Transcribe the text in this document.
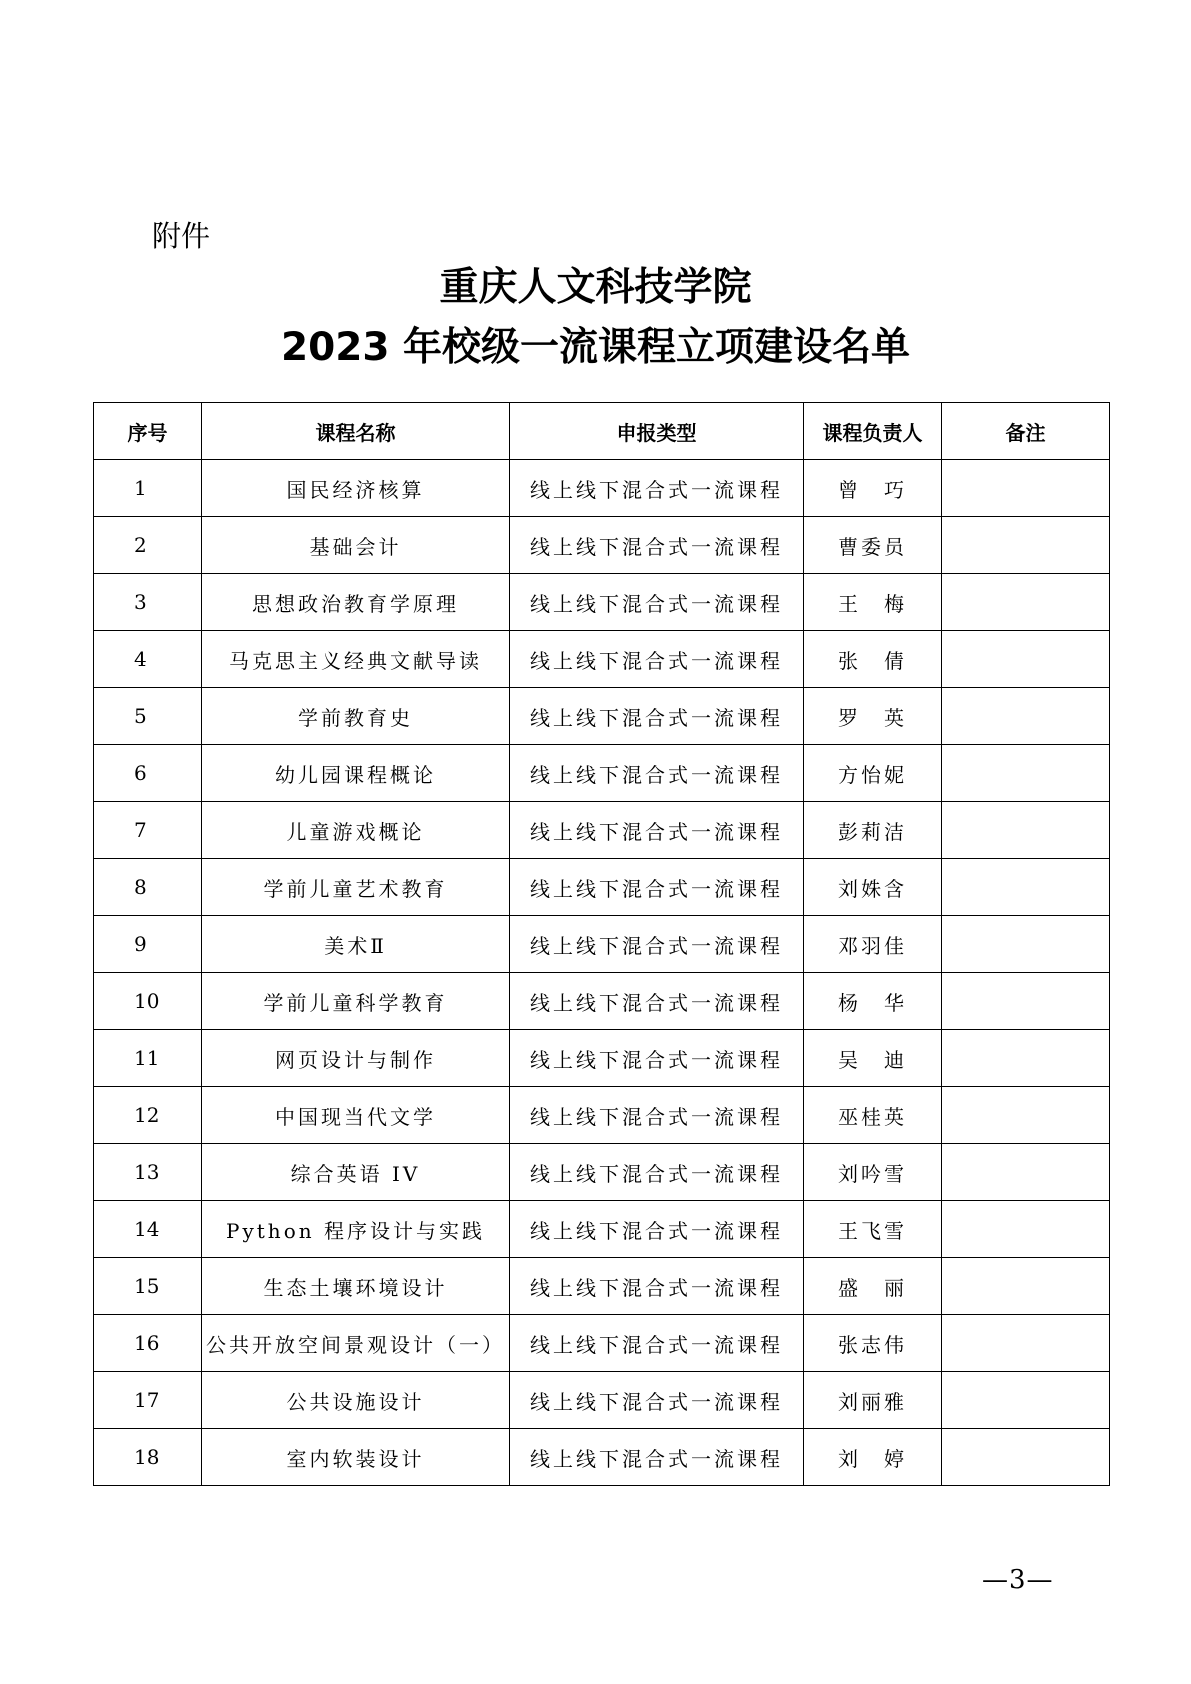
附件
重庆人文科技学院
2023 年校级一流课程立项建设名单
序号	课程名称	申报类型	课程负责人	备注
1	国民经济核算	线上线下混合式一流课程	曾　巧	
2	基础会计	线上线下混合式一流课程	曹委员	
3	思想政治教育学原理	线上线下混合式一流课程	王　梅	
4	马克思主义经典文献导读	线上线下混合式一流课程	张　倩	
5	学前教育史	线上线下混合式一流课程	罗　英	
6	幼儿园课程概论	线上线下混合式一流课程	方怡妮	
7	儿童游戏概论	线上线下混合式一流课程	彭莉洁	
8	学前儿童艺术教育	线上线下混合式一流课程	刘姝含	
9	美术Ⅱ	线上线下混合式一流课程	邓羽佳	
10	学前儿童科学教育	线上线下混合式一流课程	杨　华	
11	网页设计与制作	线上线下混合式一流课程	吴　迪	
12	中国现当代文学	线上线下混合式一流课程	巫桂英	
13	综合英语 IV	线上线下混合式一流课程	刘吟雪	
14	Python 程序设计与实践	线上线下混合式一流课程	王飞雪	
15	生态土壤环境设计	线上线下混合式一流课程	盛　丽	
16	公共开放空间景观设计（一）	线上线下混合式一流课程	张志伟	
17	公共设施设计	线上线下混合式一流课程	刘丽雅	
18	室内软装设计	线上线下混合式一流课程	刘　婷	
—3—
